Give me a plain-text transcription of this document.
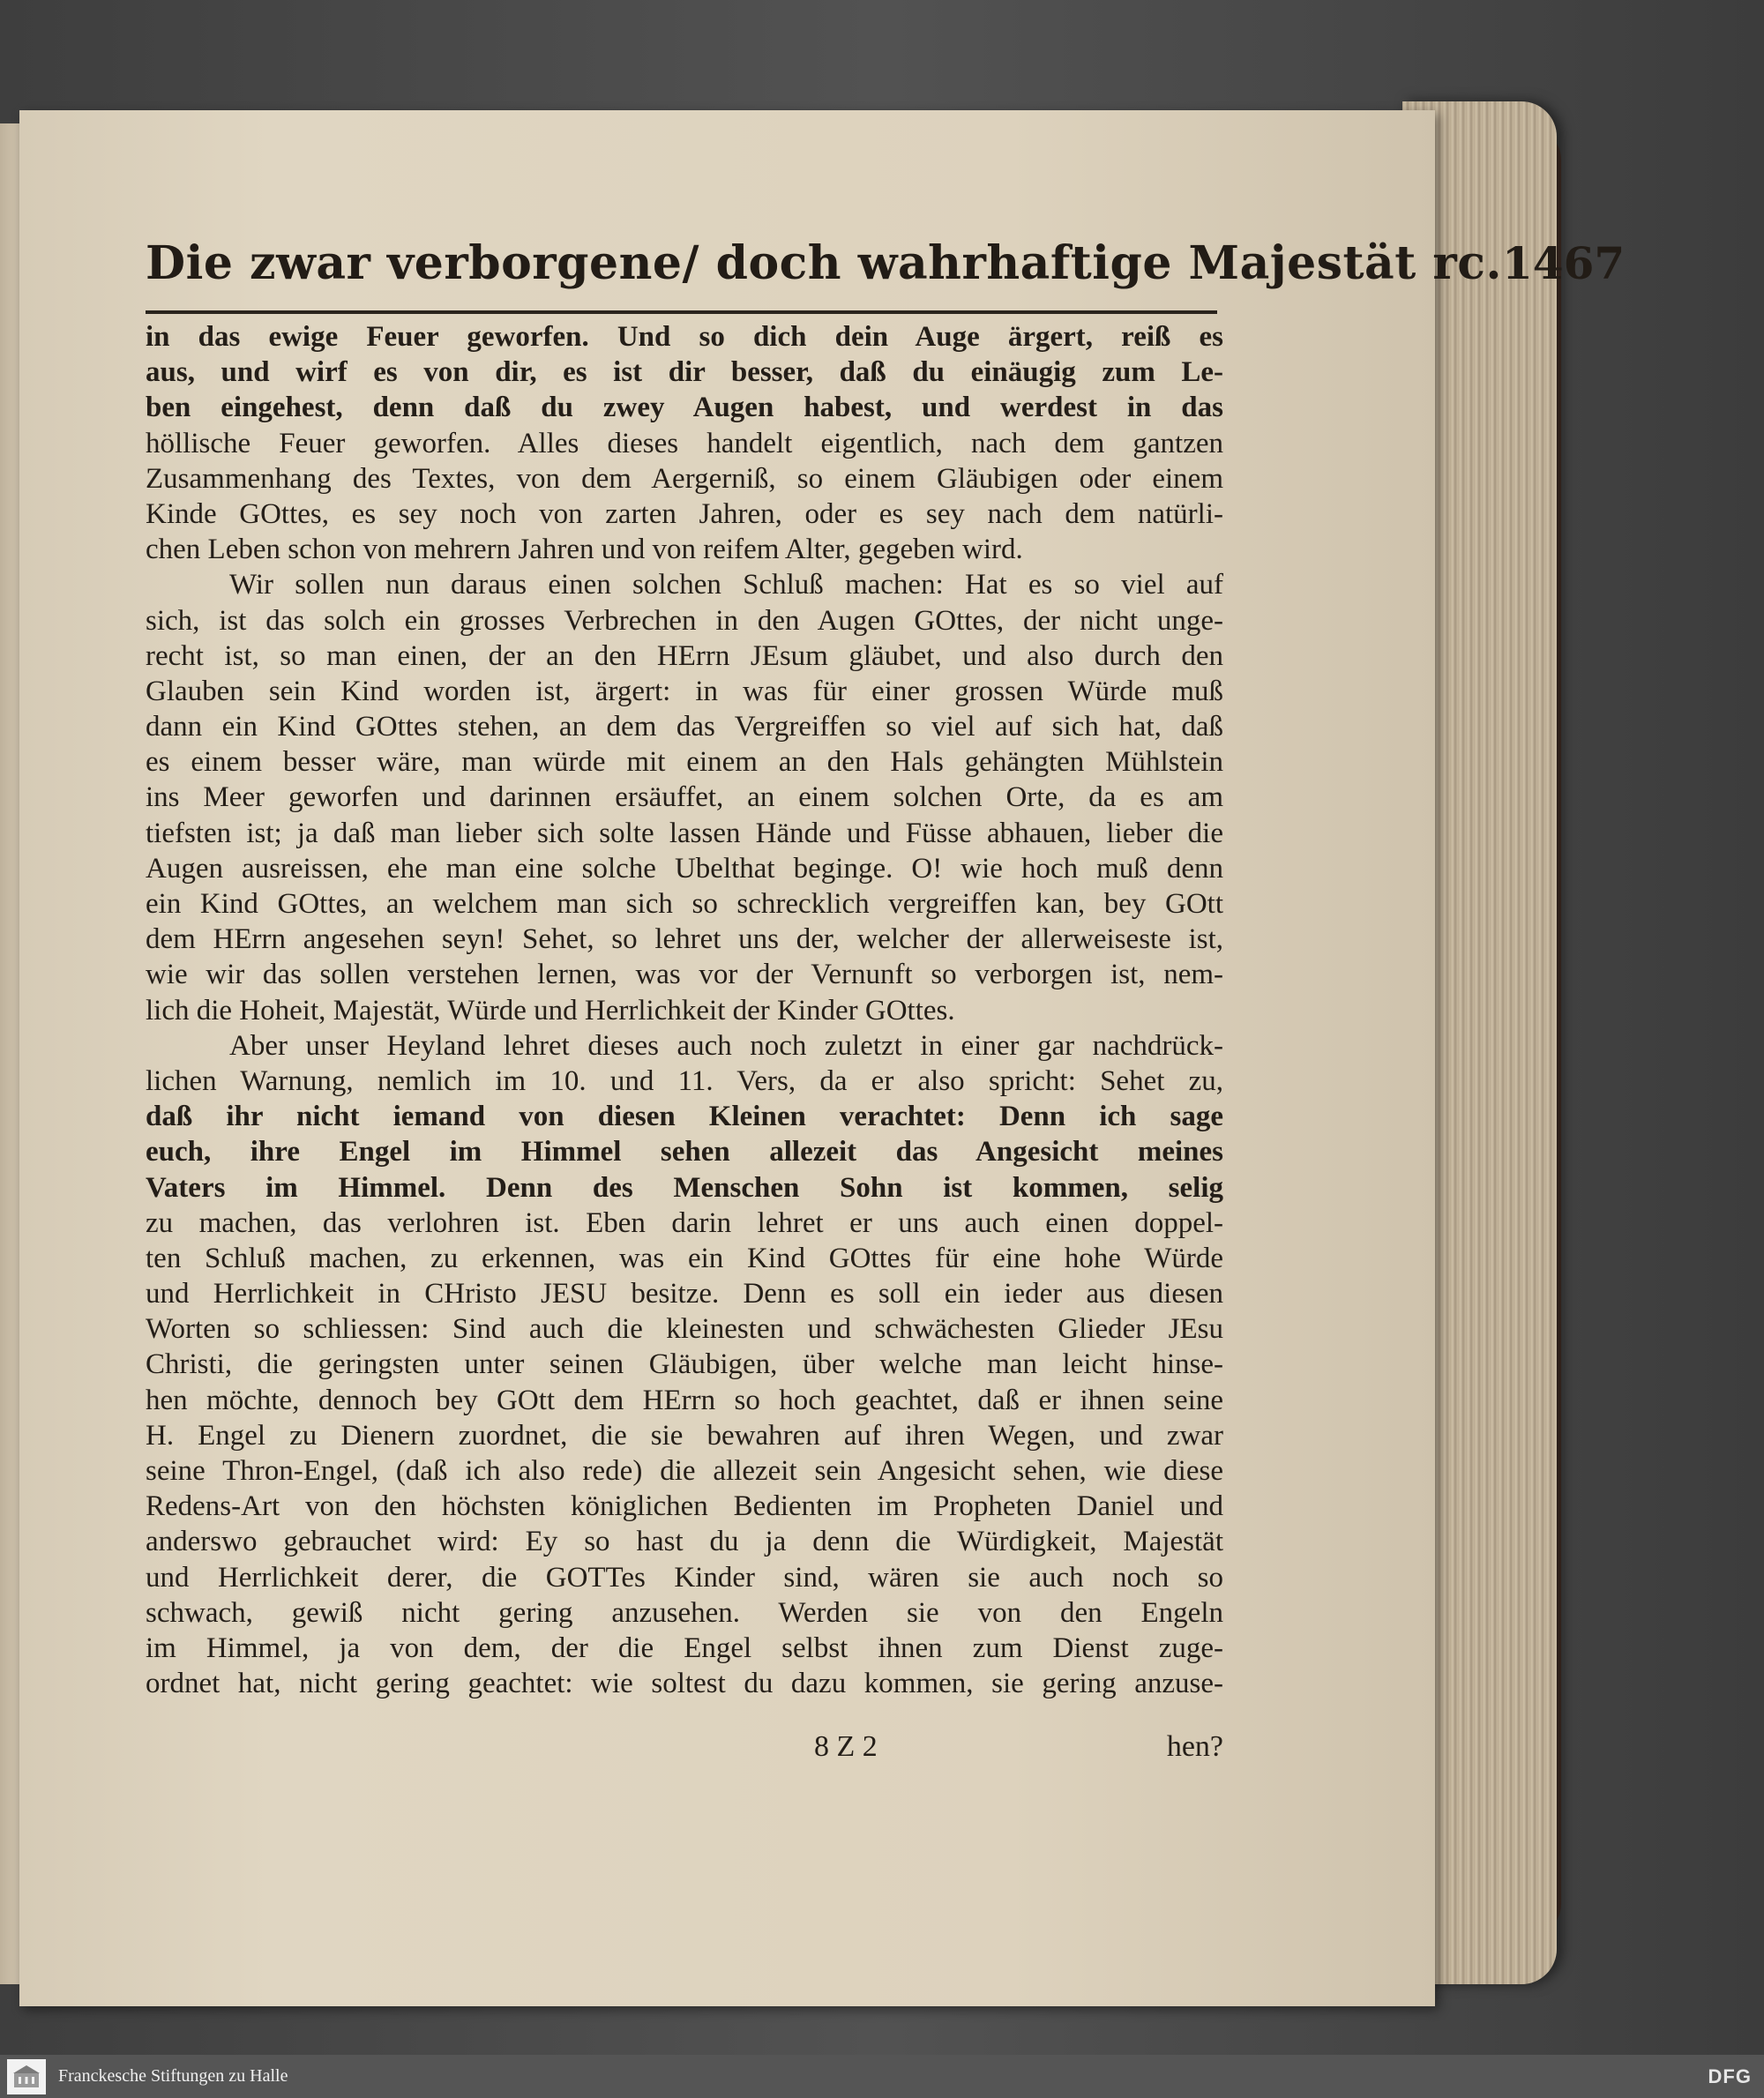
Die zwar verborgene/ doch wahrhaftige Majestät rc. 1467
in das ewige Feuer geworfen. Und so dich dein Auge ärgert, reiß es
aus, und wirf es von dir, es ist dir besser, daß du einäugig zum Le-
ben eingehest, denn daß du zwey Augen habest, und werdest in das
höllische Feuer geworfen. Alles dieses handelt eigentlich, nach dem gantzen
Zusammenhang des Textes, von dem Aergerniß, so einem Gläubigen oder einem
Kinde GOttes, es sey noch von zarten Jahren, oder es sey nach dem natürli-
chen Leben schon von mehrern Jahren und von reifem Alter, gegeben wird.
Wir sollen nun daraus einen solchen Schluß machen: Hat es so viel auf
sich, ist das solch ein grosses Verbrechen in den Augen GOttes, der nicht unge-
recht ist, so man einen, der an den HErrn JEsum gläubet, und also durch den
Glauben sein Kind worden ist, ärgert: in was für einer grossen Würde muß
dann ein Kind GOttes stehen, an dem das Vergreiffen so viel auf sich hat, daß
es einem besser wäre, man würde mit einem an den Hals gehängten Mühlstein
ins Meer geworfen und darinnen ersäuffet, an einem solchen Orte, da es am
tiefsten ist; ja daß man lieber sich solte lassen Hände und Füsse abhauen, lieber die
Augen ausreissen, ehe man eine solche Ubelthat beginge. O! wie hoch muß denn
ein Kind GOttes, an welchem man sich so schrecklich vergreiffen kan, bey GOtt
dem HErrn angesehen seyn! Sehet, so lehret uns der, welcher der allerweiseste ist,
wie wir das sollen verstehen lernen, was vor der Vernunft so verborgen ist, nem-
lich die Hoheit, Majestät, Würde und Herrlichkeit der Kinder GOttes.
Aber unser Heyland lehret dieses auch noch zuletzt in einer gar nachdrück-
lichen Warnung, nemlich im 10. und 11. Vers, da er also spricht: Sehet zu,
daß ihr nicht iemand von diesen Kleinen verachtet: Denn ich sage
euch, ihre Engel im Himmel sehen allezeit das Angesicht meines
Vaters im Himmel. Denn des Menschen Sohn ist kommen, selig
zu machen, das verlohren ist. Eben darin lehret er uns auch einen doppel-
ten Schluß machen, zu erkennen, was ein Kind GOttes für eine hohe Würde
und Herrlichkeit in CHristo JESU besitze. Denn es soll ein ieder aus diesen
Worten so schliessen: Sind auch die kleinesten und schwächesten Glieder JEsu
Christi, die geringsten unter seinen Gläubigen, über welche man leicht hinse-
hen möchte, dennoch bey GOtt dem HErrn so hoch geachtet, daß er ihnen seine
H. Engel zu Dienern zuordnet, die sie bewahren auf ihren Wegen, und zwar
seine Thron-Engel, (daß ich also rede) die allezeit sein Angesicht sehen, wie diese
Redens-Art von den höchsten königlichen Bedienten im Propheten Daniel und
anderswo gebrauchet wird: Ey so hast du ja denn die Würdigkeit, Majestät
und Herrlichkeit derer, die GOTTes Kinder sind, wären sie auch noch so
schwach, gewiß nicht gering anzusehen. Werden sie von den Engeln
im Himmel, ja von dem, der die Engel selbst ihnen zum Dienst zuge-
ordnet hat, nicht gering geachtet: wie soltest du dazu kommen, sie gering anzuse-
8 Z 2	hen?
Franckesche Stiftungen zu Halle	DFG
